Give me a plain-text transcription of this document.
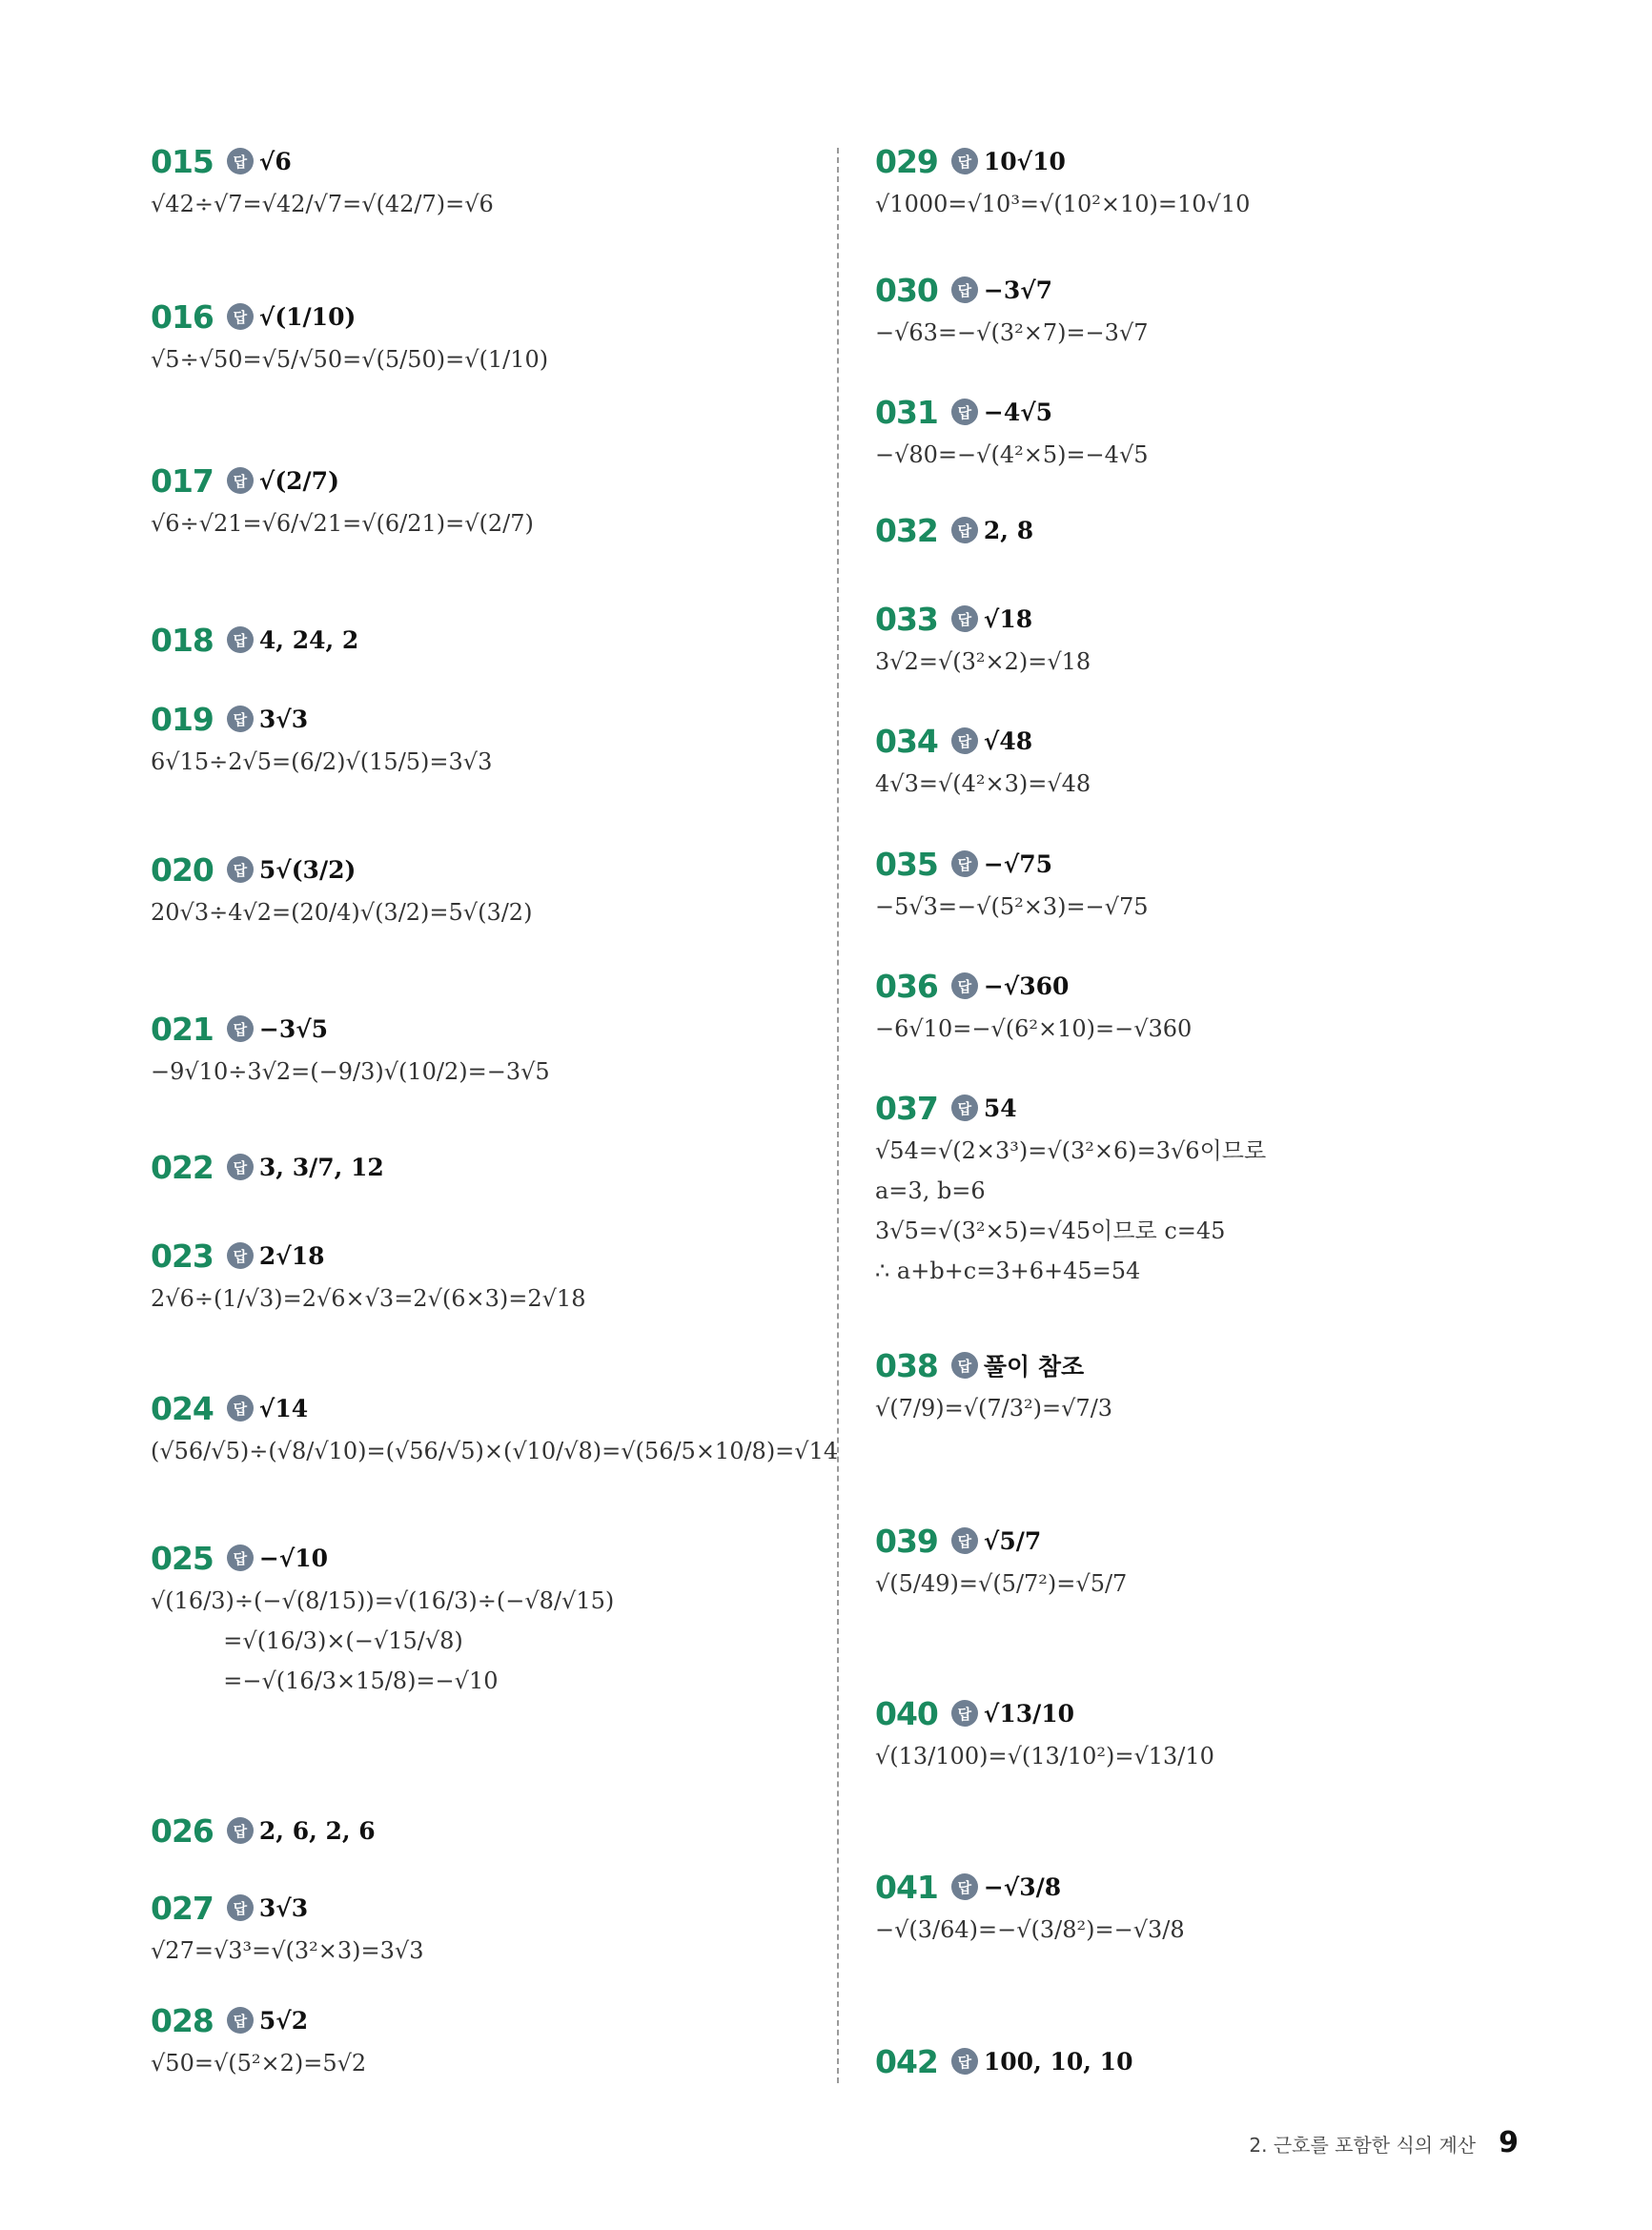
015	답 √6
√42÷√7=√42/√7=√(42/7)=√6
016	답 √(1/10)
√5÷√50=√5/√50=√(5/50)=√(1/10)
017	답 √(2/7)
√6÷√21=√6/√21=√(6/21)=√(2/7)
018	답 4, 24, 2
019	답 3√3
6√15÷2√5=(6/2)√(15/5)=3√3
020	답 5√(3/2)
20√3÷4√2=(20/4)√(3/2)=5√(3/2)
021	답 −3√5
−9√10÷3√2=(−9/3)√(10/2)=−3√5
022	답 3, 3/7, 12
023	답 2√18
2√6÷(1/√3)=2√6×√3=2√(6×3)=2√18
024	답 √14
(√56/√5)÷(√8/√10)=(√56/√5)×(√10/√8)=√(56/5×10/8)=√14
025	답 −√10
√(16/3)÷(−√(8/15))=√(16/3)÷(−√8/√15)
=√(16/3)×(−√15/√8)
=−√(16/3×15/8)=−√10
026	답 2, 6, 2, 6
027	답 3√3
√27=√3³=√(3²×3)=3√3
028	답 5√2
√50=√(5²×2)=5√2
029	답 10√10
√1000=√10³=√(10²×10)=10√10
030	답 −3√7
−√63=−√(3²×7)=−3√7
031	답 −4√5
−√80=−√(4²×5)=−4√5
032	답 2, 8
033	답 √18
3√2=√(3²×2)=√18
034	답 √48
4√3=√(4²×3)=√48
035	답 −√75
−5√3=−√(5²×3)=−√75
036	답 −√360
−6√10=−√(6²×10)=−√360
037	답 54
√54=√(2×3³)=√(3²×6)=3√6이므로
a=3, b=6
3√5=√(3²×5)=√45이므로 c=45
∴ a+b+c=3+6+45=54
038	답 풀이 참조
√(7/9)=√(7/3²)=√7/3
039	답 √5/7
√(5/49)=√(5/7²)=√5/7
040	답 √13/10
√(13/100)=√(13/10²)=√13/10
041	답 −√3/8
−√(3/64)=−√(3/8²)=−√3/8
042	답 100, 10, 10
2. 근호를 포함한 식의 계산 9
